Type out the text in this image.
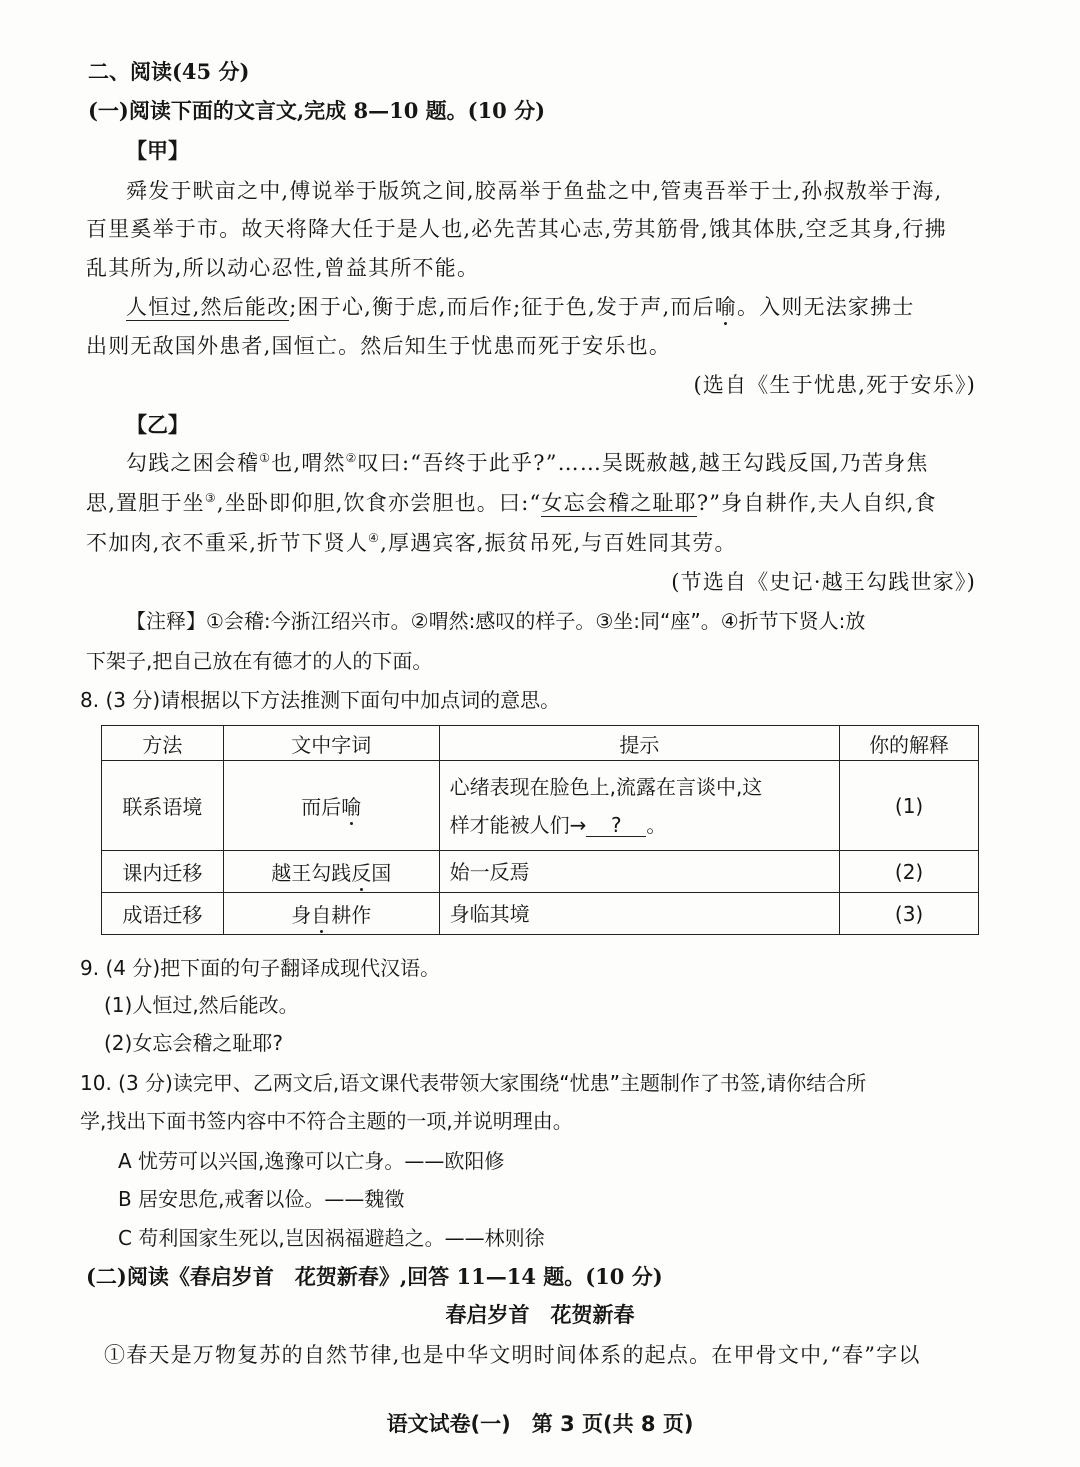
二、阅读(45 分)
(一)阅读下面的文言文,完成 8—10 题。(10 分)
【甲】
舜发于畎亩之中,傅说举于版筑之间,胶鬲举于鱼盐之中,管夷吾举于士,孙叔敖举于海,
百里奚举于市。故天将降大任于是人也,必先苦其心志,劳其筋骨,饿其体肤,空乏其身,行拂
乱其所为,所以动心忍性,曾益其所不能。
人恒过,然后能改;困于心,衡于虑,而后作;征于色,发于声,而后喻。入则无法家拂士
出则无敌国外患者,国恒亡。然后知生于忧患而死于安乐也。
(选自《生于忧患,死于安乐》)
【乙】
勾践之困会稽①也,喟然②叹曰:“吾终于此乎?”……吴既赦越,越王勾践反国,乃苦身焦
思,置胆于坐③,坐卧即仰胆,饮食亦尝胆也。曰:“女忘会稽之耻耶?”身自耕作,夫人自织,食
不加肉,衣不重采,折节下贤人④,厚遇宾客,振贫吊死,与百姓同其劳。
(节选自《史记·越王勾践世家》)
【注释】①会稽:今浙江绍兴市。②喟然:感叹的样子。③坐:同“座”。④折节下贤人:放
下架子,把自己放在有德才的人的下面。
8. (3 分)请根据以下方法推测下面句中加点词的意思。
方法	文中字词	提示	你的解释
联系语境	而后喻	心绪表现在脸色上,流露在言谈中,这
样才能被人们→ ? 。	(1)
课内迁移	越王勾践反国	始一反焉	(2)
成语迁移	身自耕作	身临其境	(3)
9. (4 分)把下面的句子翻译成现代汉语。
(1)人恒过,然后能改。
(2)女忘会稽之耻耶?
10. (3 分)读完甲、乙两文后,语文课代表带领大家围绕“忧患”主题制作了书签,请你结合所
学,找出下面书签内容中不符合主题的一项,并说明理由。
A 忧劳可以兴国,逸豫可以亡身。——欧阳修
B 居安思危,戒奢以俭。——魏徵
C 苟利国家生死以,岂因祸福避趋之。——林则徐
(二)阅读《春启岁首　花贺新春》,回答 11—14 题。(10 分)
春启岁首　花贺新春
①春天是万物复苏的自然节律,也是中华文明时间体系的起点。在甲骨文中,“春”字以
语文试卷(一)　第 3 页(共 8 页)
